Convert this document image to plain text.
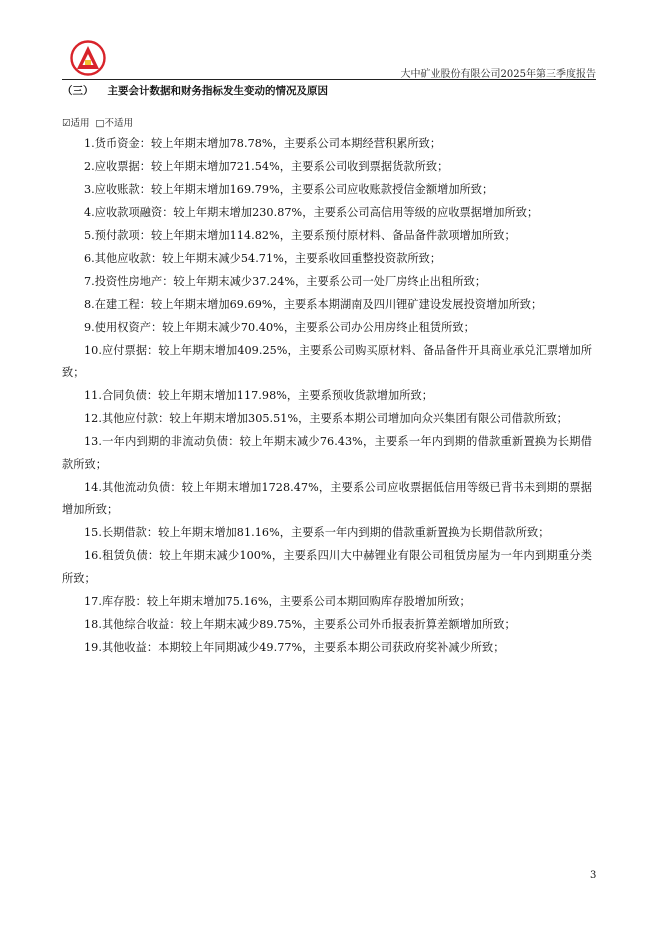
大中矿业股份有限公司2025年第三季度报告
（三） 主要会计数据和财务指标发生变动的情况及原因
☑适用 □不适用

1.货币资金：较上年期末增加78.78%，主要系公司本期经营积累所致；

2.应收票据：较上年期末增加721.54%，主要系公司收到票据货款所致；

3.应收账款：较上年期末增加169.79%，主要系公司应收账款授信金额增加所致；

4.应收款项融资：较上年期末增加230.87%，主要系公司高信用等级的应收票据增加所致；

5.预付款项：较上年期末增加114.82%，主要系预付原材料、备品备件款项增加所致；

6.其他应收款：较上年期末减少54.71%，主要系收回重整投资款所致；

7.投资性房地产：较上年期末减少37.24%，主要系公司一处厂房终止出租所致；

8.在建工程：较上年期末增加69.69%，主要系本期湖南及四川锂矿建设发展投资增加所致；

9.使用权资产：较上年期末减少70.40%，主要系公司办公用房终止租赁所致；

10.应付票据：较上年期末增加409.25%，主要系公司购买原材料、备品备件开具商业承兑汇票增加所致；

11.合同负债：较上年期末增加117.98%，主要系预收货款增加所致；

12.其他应付款：较上年期末增加305.51%，主要系本期公司增加向众兴集团有限公司借款所致；

13.一年内到期的非流动负债：较上年期末减少76.43%，主要系一年内到期的借款重新置换为长期借款所致；

14.其他流动负债：较上年期末增加1728.47%，主要系公司应收票据低信用等级已背书未到期的票据增加所致；

15.长期借款：较上年期末增加81.16%，主要系一年内到期的借款重新置换为长期借款所致；

16.租赁负债：较上年期末减少100%，主要系四川大中赫锂业有限公司租赁房屋为一年内到期重分类所致；

17.库存股：较上年期末增加75.16%，主要系公司本期回购库存股增加所致；

18.其他综合收益：较上年期末减少89.75%，主要系公司外币报表折算差额增加所致；

19.其他收益：本期较上年同期减少49.77%，主要系本期公司获政府奖补减少所致；

3
